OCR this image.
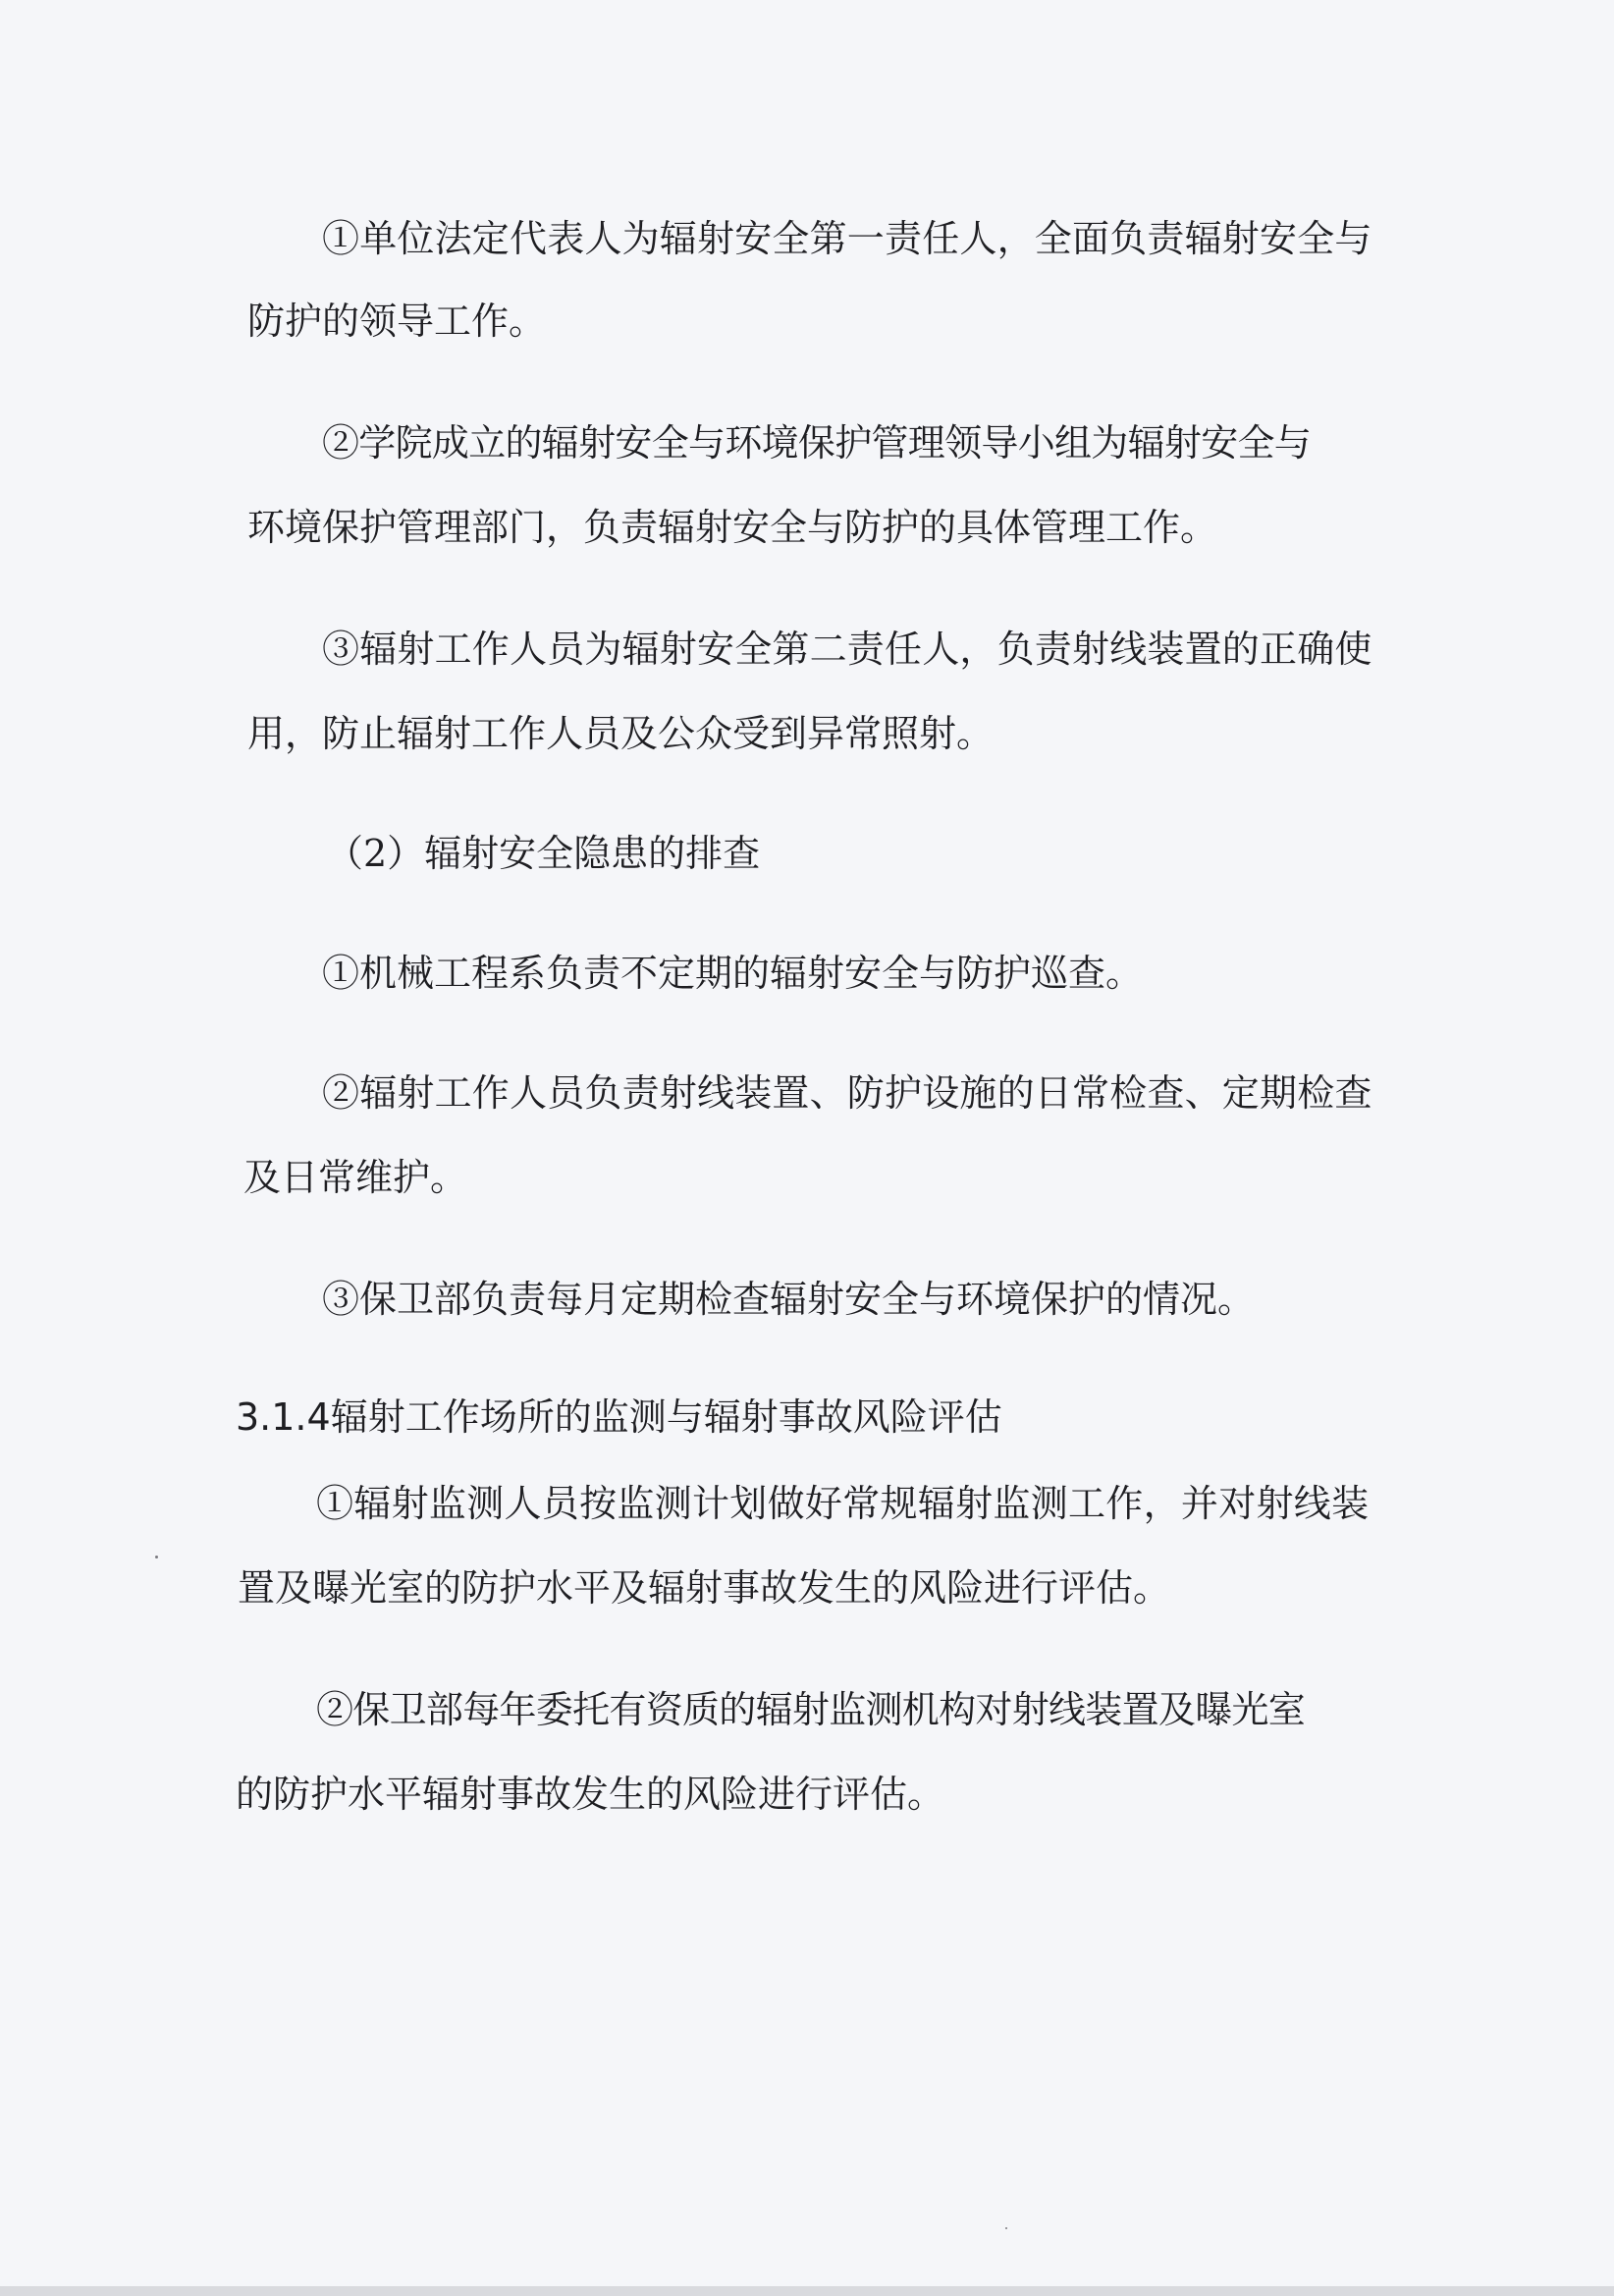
①单位法定代表人为辐射安全第一责任人，全面负责辐射安全与
防护的领导工作。
②学院成立的辐射安全与环境保护管理领导小组为辐射安全与
环境保护管理部门，负责辐射安全与防护的具体管理工作。
③辐射工作人员为辐射安全第二责任人，负责射线装置的正确使
用，防止辐射工作人员及公众受到异常照射。
（2）辐射安全隐患的排查
①机械工程系负责不定期的辐射安全与防护巡查。
②辐射工作人员负责射线装置、防护设施的日常检查、定期检查
及日常维护。
③保卫部负责每月定期检查辐射安全与环境保护的情况。
3.1.4辐射工作场所的监测与辐射事故风险评估
①辐射监测人员按监测计划做好常规辐射监测工作，并对射线装
置及曝光室的防护水平及辐射事故发生的风险进行评估。
②保卫部每年委托有资质的辐射监测机构对射线装置及曝光室
的防护水平辐射事故发生的风险进行评估。
